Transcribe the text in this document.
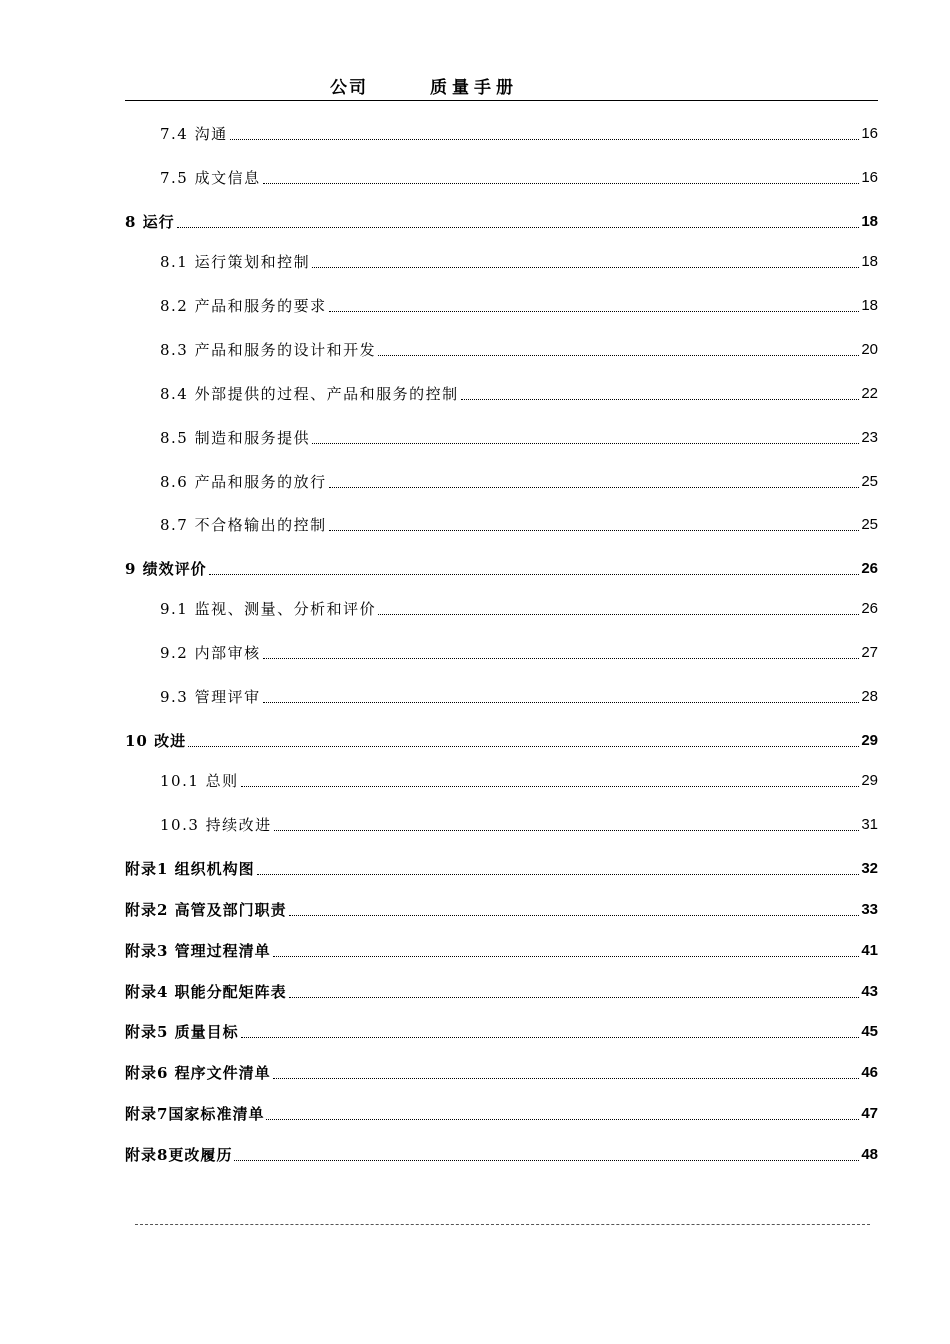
公司	质量手册
7.4 沟通	16
7.5 成文信息	16
8 运行	18
8.1 运行策划和控制	18
8.2 产品和服务的要求	18
8.3 产品和服务的设计和开发	20
8.4 外部提供的过程、产品和服务的控制	22
8.5 制造和服务提供	23
8.6 产品和服务的放行	25
8.7 不合格输出的控制	25
9 绩效评价	26
9.1 监视、测量、分析和评价	26
9.2 内部审核	27
9.3 管理评审	28
10 改进	29
10.1 总则	29
10.3 持续改进	31
附录1 组织机构图	32
附录2 高管及部门职责	33
附录3 管理过程清单	41
附录4 职能分配矩阵表	43
附录5 质量目标	45
附录6 程序文件清单	46
附录7国家标准清单	47
附录8更改履历	48
